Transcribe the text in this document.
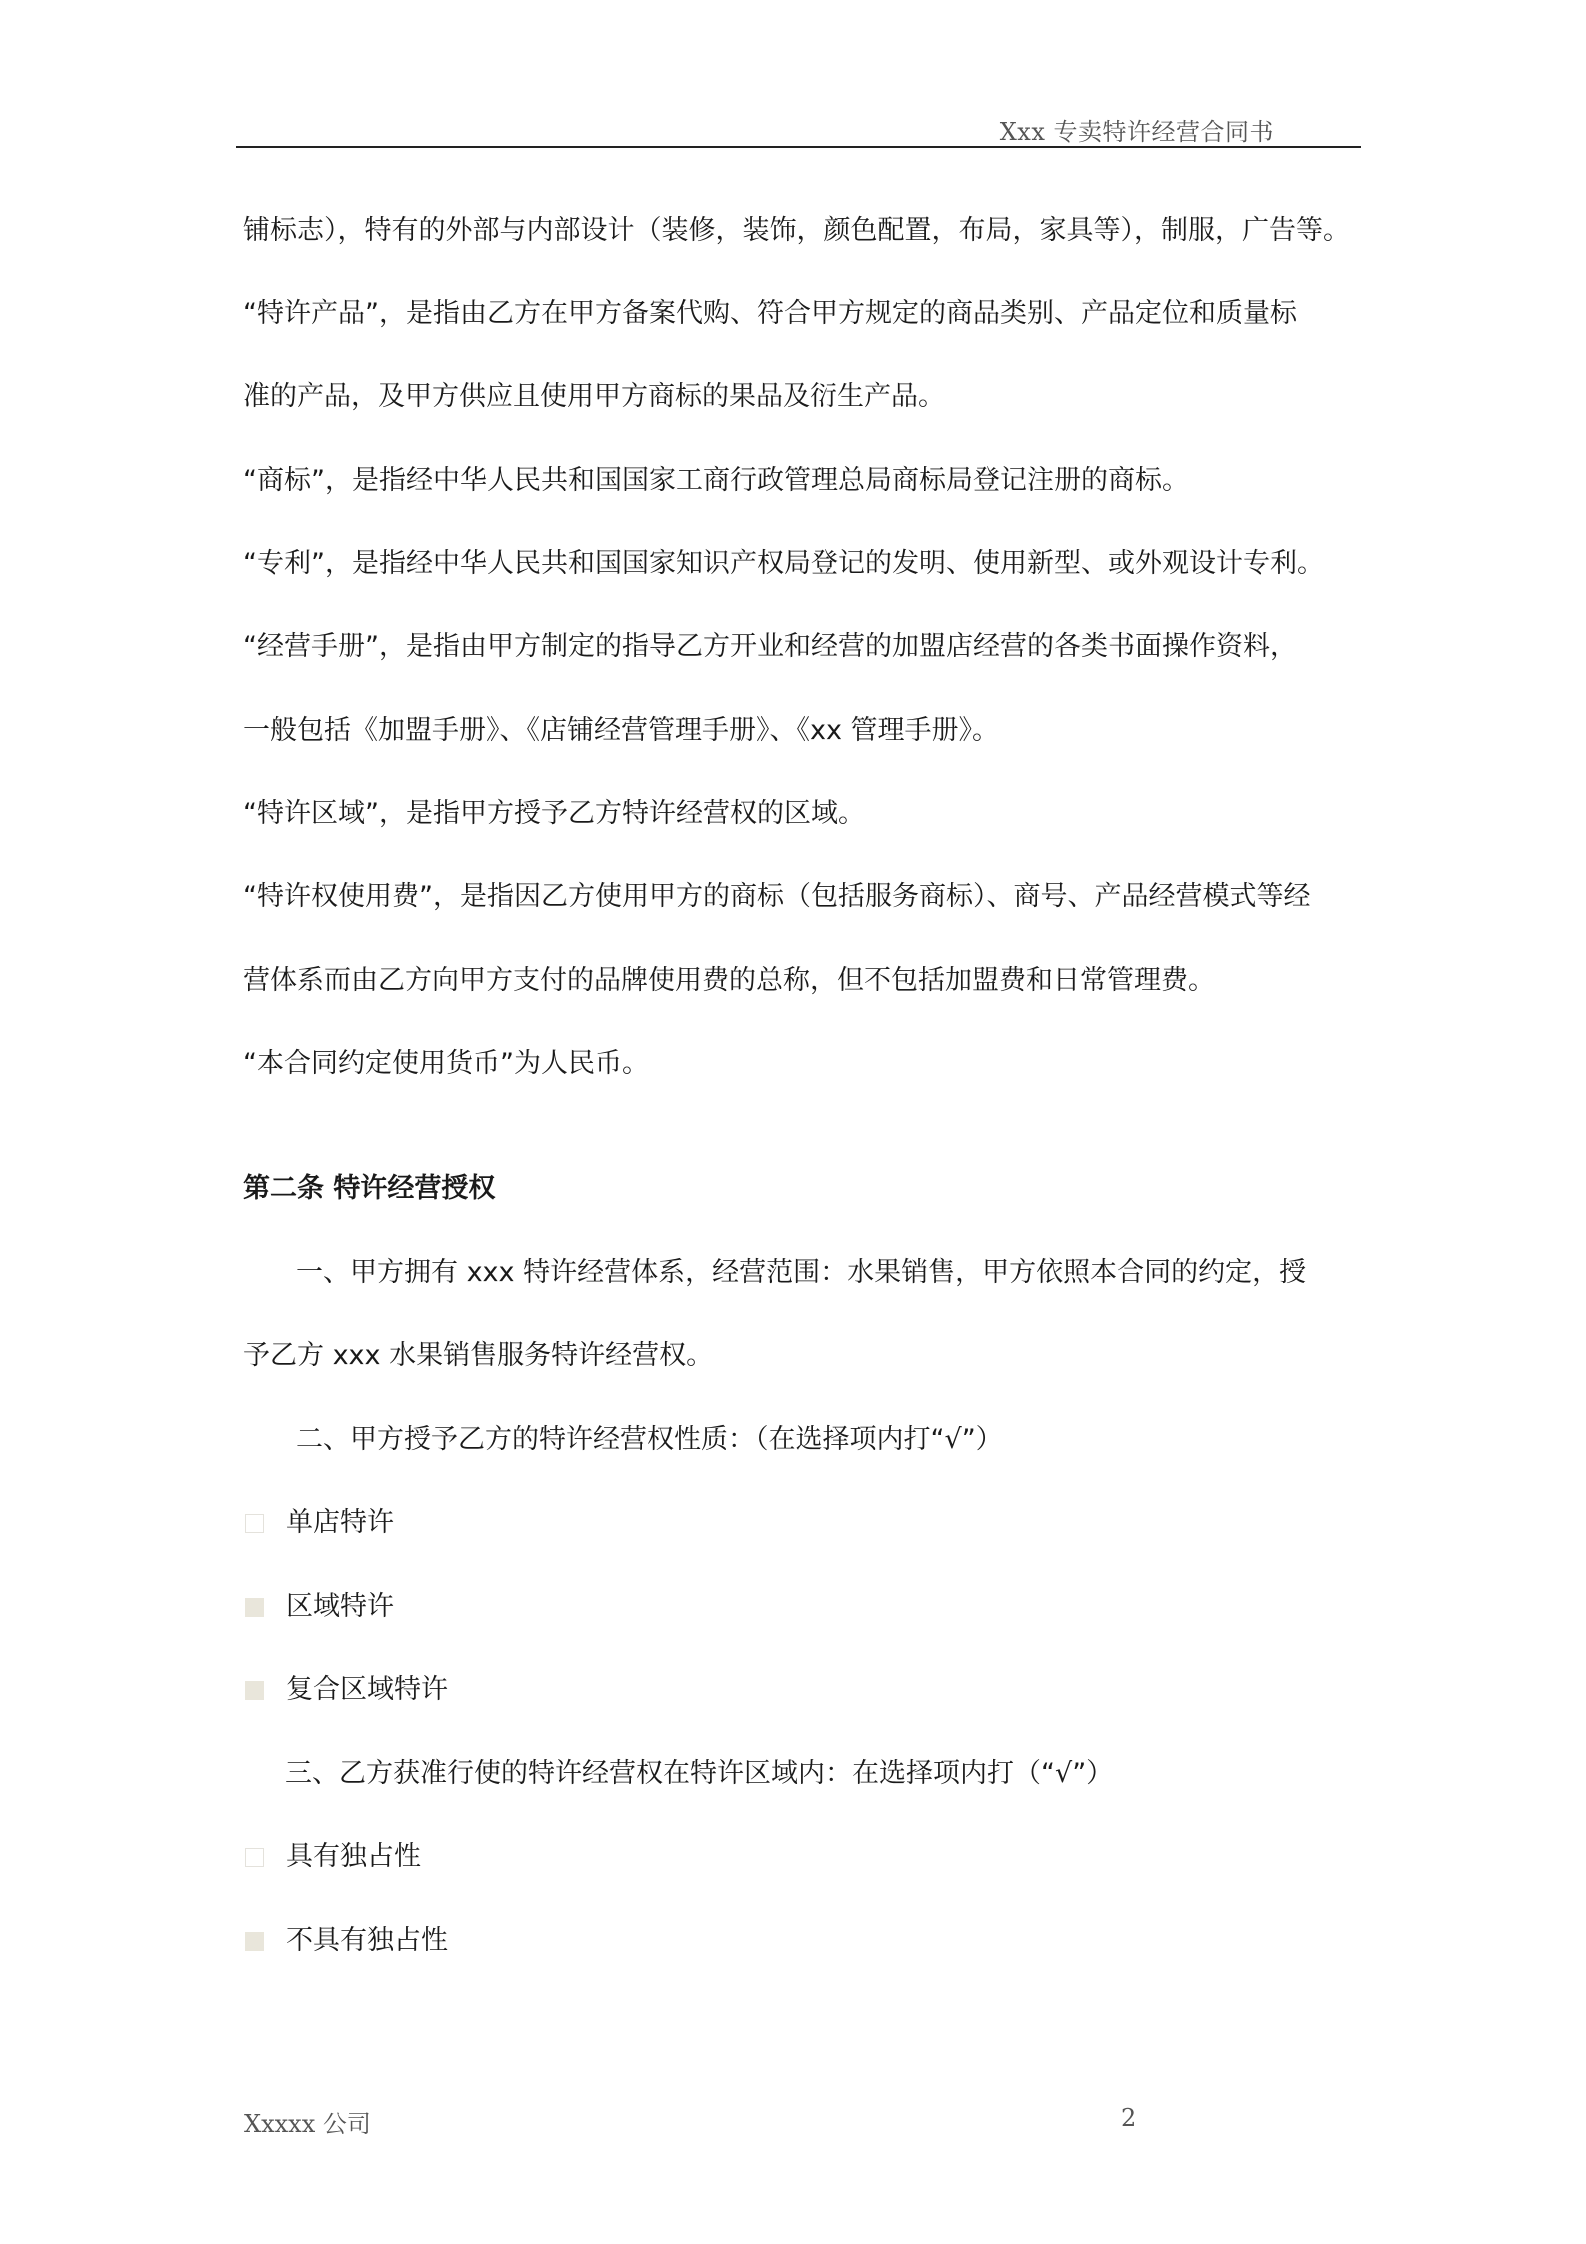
Xxx 专卖特许经营合同书
铺标志），特有的外部与内部设计（装修，装饰，颜色配置，布局，家具等），制服，广告等。
“特许产品”，是指由乙方在甲方备案代购、符合甲方规定的商品类别、产品定位和质量标
准的产品，及甲方供应且使用甲方商标的果品及衍生产品。
“商标”，是指经中华人民共和国国家工商行政管理总局商标局登记注册的商标。
“专利”，是指经中华人民共和国国家知识产权局登记的发明、使用新型、或外观设计专利。
“经营手册”，是指由甲方制定的指导乙方开业和经营的加盟店经营的各类书面操作资料，
一般包括《加盟手册》、《店铺经营管理手册》、《xx 管理手册》。
“特许区域”，是指甲方授予乙方特许经营权的区域。
“特许权使用费”，是指因乙方使用甲方的商标（包括服务商标）、商号、产品经营模式等经
营体系而由乙方向甲方支付的品牌使用费的总称，但不包括加盟费和日常管理费。
“本合同约定使用货币”为人民币。
第二条 特许经营授权
一、甲方拥有 xxx 特许经营体系，经营范围：水果销售，甲方依照本合同的约定，授
予乙方 xxx 水果销售服务特许经营权。
二、甲方授予乙方的特许经营权性质：（在选择项内打“√”）
单店特许
区域特许
复合区域特许
三、乙方获准行使的特许经营权在特许区域内：在选择项内打（“√”）
具有独占性
不具有独占性
Xxxxx 公司	2
